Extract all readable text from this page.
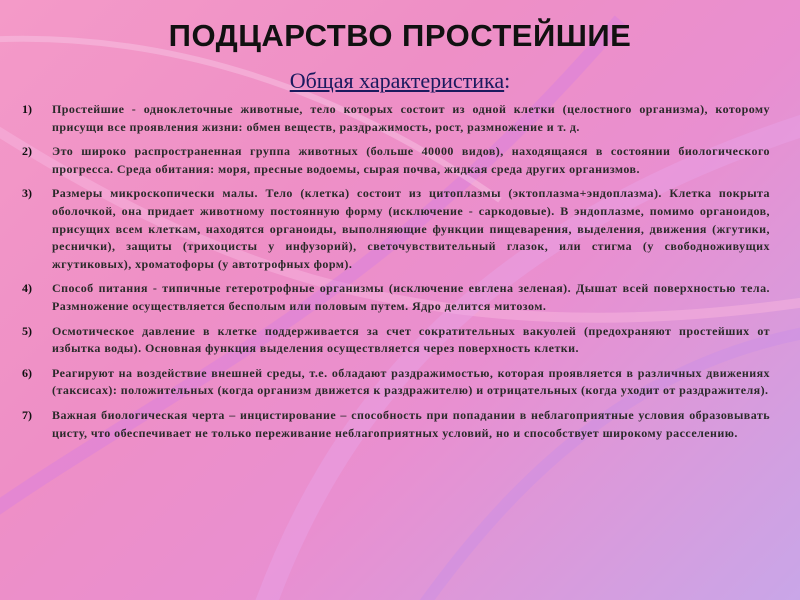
ПОДЦАРСТВО ПРОСТЕЙШИЕ
Общая характеристика:
1)	Простейшие - одноклеточные животные, тело которых состоит из одной клетки (целостного организма), которому присущи все проявления жизни: обмен веществ, раздражимость, рост, размножение и т. д.
2)	Это широко распространенная группа животных (больше 40000 видов), находящаяся в состоянии биологического прогресса. Среда обитания: моря, пресные водоемы, сырая почва, жидкая среда других организмов.
3)	Размеры микроскопически малы. Тело (клетка) состоит из цитоплазмы (эктоплазма+эндоплазма). Клетка покрыта оболочкой, она придает животному постоянную форму (исключение - саркодовые). В эндоплазме, помимо органоидов, присущих всем клеткам, находятся органоиды, выполняющие функции пищеварения, выделения, движения (жгутики, реснички), защиты (трихоцисты у инфузорий), светочувствительный глазок, или стигма (у свободноживущих жгутиковых), хроматофоры (у автотрофных форм).
4)	Способ питания - типичные гетеротрофные организмы (исключение евглена зеленая). Дышат всей поверхностью тела. Размножение осуществляется бесполым или половым путем. Ядро делится митозом.
5)	Осмотическое давление в клетке поддерживается за счет сократительных вакуолей (предохраняют простейших от избытка воды). Основная функция выделения осуществляется через поверхность клетки.
6)	Реагируют на воздействие внешней среды, т.е. обладают раздражимостью, которая проявляется в различных движениях (таксисах): положительных (когда организм движется к раздражителю) и отрицательных (когда уходит от раздражителя).
7)	Важная биологическая черта – инцистирование – способность при попадании в неблагоприятные условия образовывать цисту, что обеспечивает не только переживание неблагоприятных условий, но и способствует широкому расселению.
